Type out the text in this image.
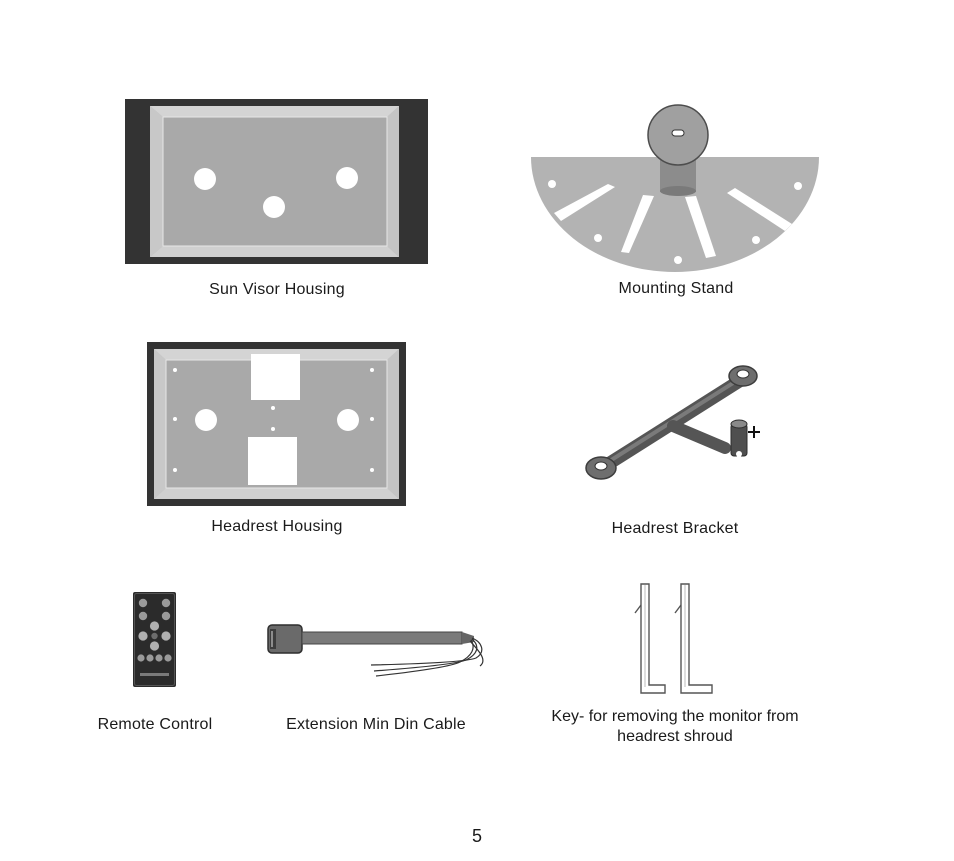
Sun Visor Housing	Mounting Stand
Headrest Housing	Headrest Bracket
Remote Control	Extension Min Din Cable	Key- for removing the monitor from
headrest shroud
5
